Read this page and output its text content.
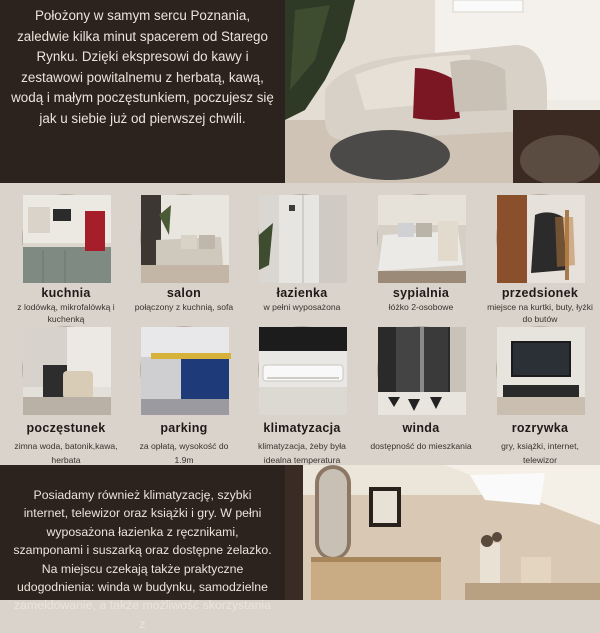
Położony w samym sercu Poznania, zaledwie kilka minut spacerem od Starego Rynku. Dzięki ekspresowi do kawy i zestawowi powitalnemu z herbatą, kawą, wodą i małym poczęstunkiem, poczujesz się jak u siebie już od pierwszej chwili.

kuchnia
z lodówką, mikrofalówką i kuchenką
salon
połączony z kuchnią, sofa
łazienka
w pełni wyposażona
sypialnia
łóżko 2-osobowe
przedsionek
miejsce na kurtki, buty, łyżki do butów
poczęstunek
zimna woda, batonik,kawa, herbata
parking
za opłatą, wysokość do 1.9m
klimatyzacja
klimatyzacja, żeby była idealna temperatura
winda
dostępność do mieszkania
rozrywka
gry, książki, internet, telewizor

Posiadamy również klimatyzację, szybki internet, telewizor oraz książki i gry. W pełni wyposażona łazienka z ręcznikami, szamponami i suszarką oraz dostępne żelazko. Na miejscu czekają także praktyczne udogodnienia: winda w budynku, samodzielne zameldowanie, a także możliwość skorzystania z
